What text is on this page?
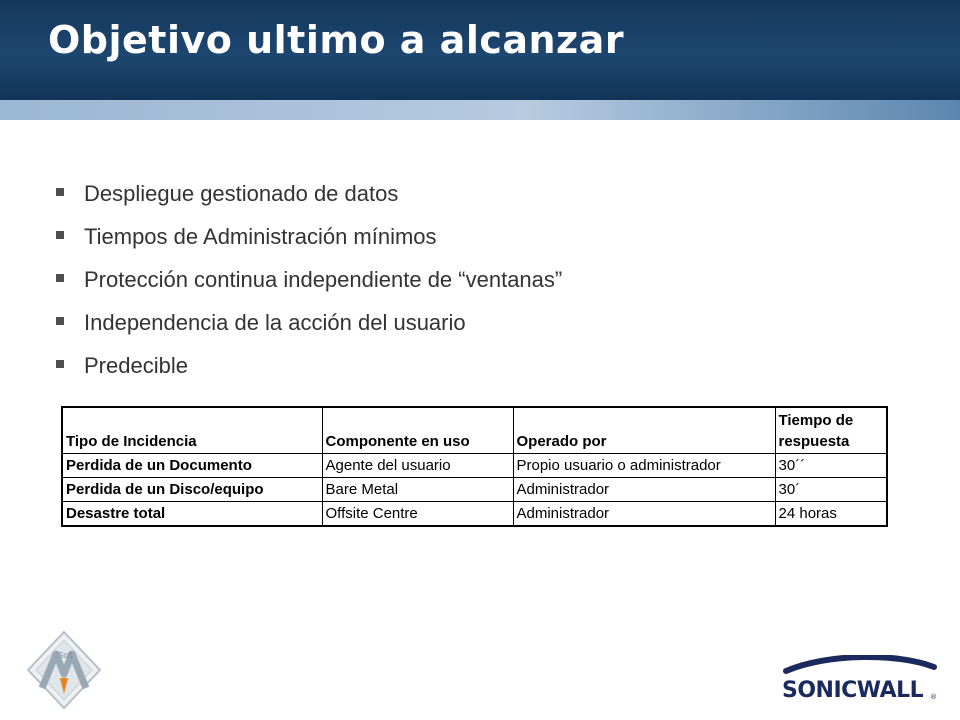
Objetivo ultimo a alcanzar
Despliegue gestionado de datos
Tiempos de Administración mínimos
Protección continua independiente de “ventanas”
Independencia de la acción del usuario
Predecible
Tipo de Incidencia	Componente en uso	Operado por	Tiempo de respuesta
Perdida de un Documento	Agente del usuario	Propio usuario o administrador	30´´
Perdida de un Disco/equipo	Bare Metal	Administrador	30´
Desastre total	Offsite Centre	Administrador	24 horas
Soft
SONICWALL ®
